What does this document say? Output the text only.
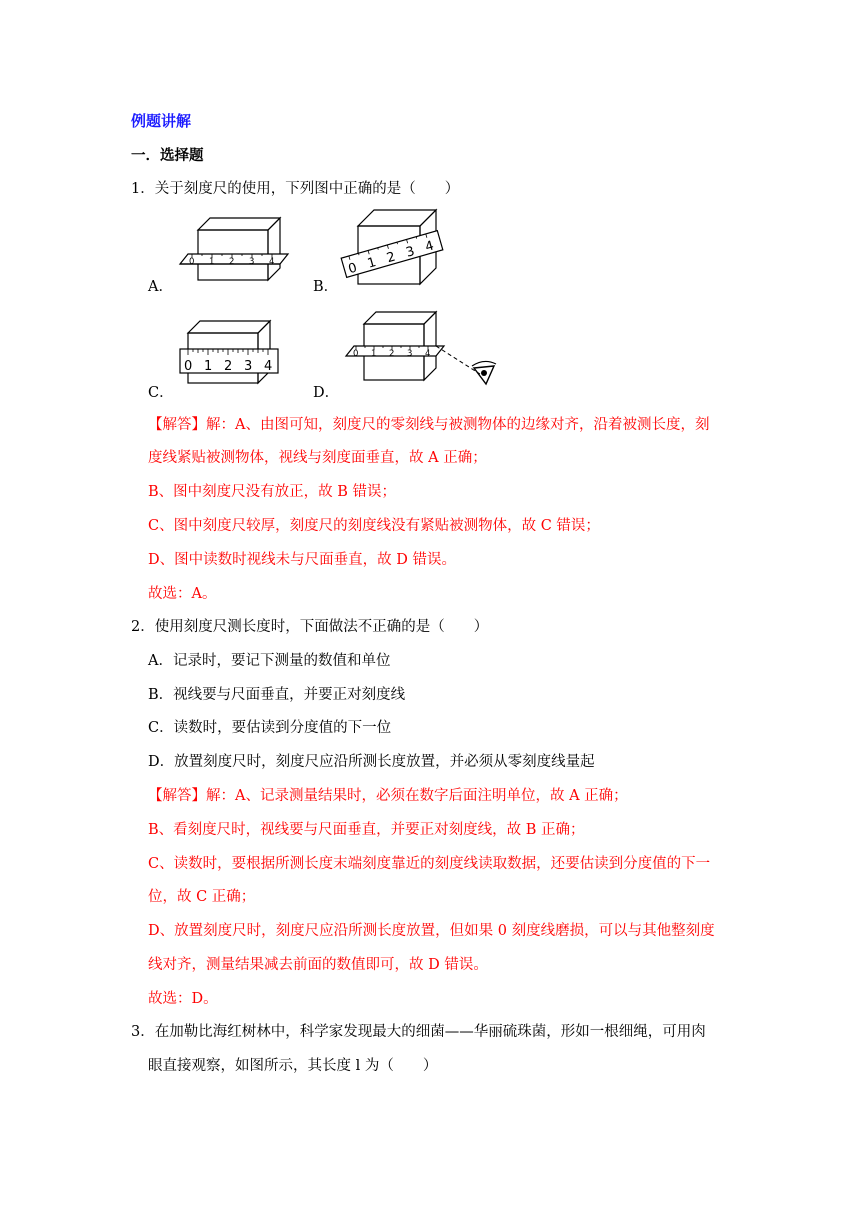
例题讲解
一．选择题
1．关于刻度尺的使用，下列图中正确的是（　　）
0 1 2 3 4
A．
0 1 2 3 4
B．
0 1 2 3 4
C．
0 1 2 3 4
D．
【解答】解：A、由图可知，刻度尺的零刻线与被测物体的边缘对齐，沿着被测长度，刻
度线紧贴被测物体，视线与刻度面垂直，故 A 正确；
B、图中刻度尺没有放正，故 B 错误；
C、图中刻度尺较厚，刻度尺的刻度线没有紧贴被测物体，故 C 错误；
D、图中读数时视线未与尺面垂直，故 D 错误。
故选：A。
2．使用刻度尺测长度时，下面做法不正确的是（　　）
A．记录时，要记下测量的数值和单位
B．视线要与尺面垂直，并要正对刻度线
C．读数时，要估读到分度值的下一位
D．放置刻度尺时，刻度尺应沿所测长度放置，并必须从零刻度线量起
【解答】解：A、记录测量结果时，必须在数字后面注明单位，故 A 正确；
B、看刻度尺时，视线要与尺面垂直，并要正对刻度线，故 B 正确；
C、读数时，要根据所测长度末端刻度靠近的刻度线读取数据，还要估读到分度值的下一
位，故 C 正确；
D、放置刻度尺时，刻度尺应沿所测长度放置，但如果 0 刻度线磨损，可以与其他整刻度
线对齐，测量结果减去前面的数值即可，故 D 错误。
故选：D。
3．在加勒比海红树林中，科学家发现最大的细菌——华丽硫珠菌，形如一根细绳，可用肉
眼直接观察，如图所示，其长度 l 为（　　）
